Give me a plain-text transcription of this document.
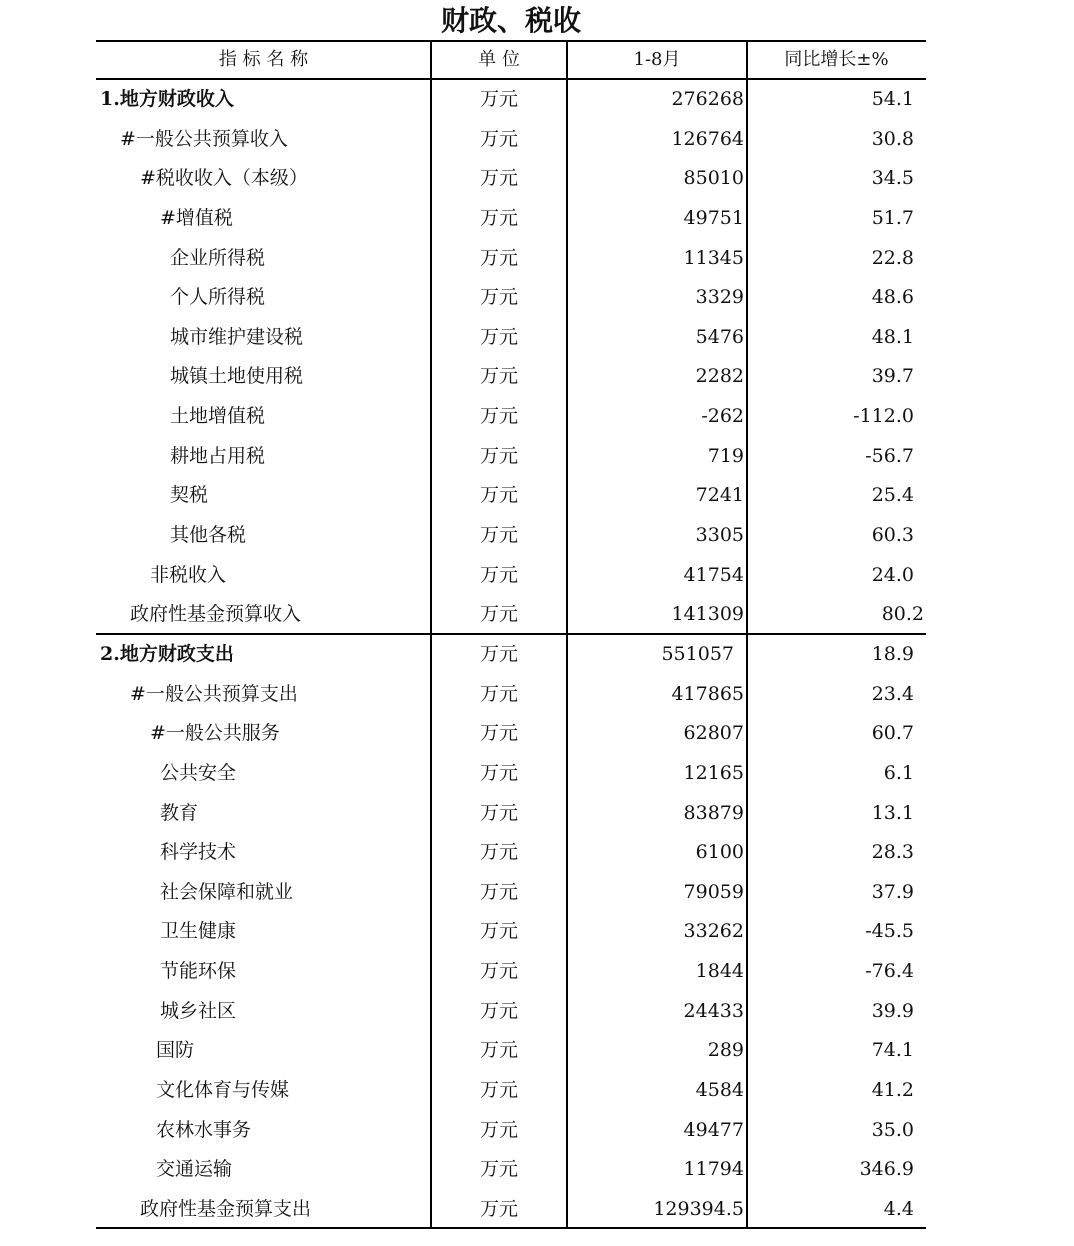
财政、税收
指 标 名 称	单 位	1-8月	同比增长±%
1.地方财政收入	万元	276268	54.1
#一般公共预算收入	万元	126764	30.8
#税收收入（本级）	万元	85010	34.5
#增值税	万元	49751	51.7
企业所得税	万元	11345	22.8
个人所得税	万元	3329	48.6
城市维护建设税	万元	5476	48.1
城镇土地使用税	万元	2282	39.7
土地增值税	万元	-262	-112.0
耕地占用税	万元	719	-56.7
契税	万元	7241	25.4
其他各税	万元	3305	60.3
非税收入	万元	41754	24.0
政府性基金预算收入	万元	141309	80.2
2.地方财政支出	万元	551057	18.9
#一般公共预算支出	万元	417865	23.4
#一般公共服务	万元	62807	60.7
公共安全	万元	12165	6.1
教育	万元	83879	13.1
科学技术	万元	6100	28.3
社会保障和就业	万元	79059	37.9
卫生健康	万元	33262	-45.5
节能环保	万元	1844	-76.4
城乡社区	万元	24433	39.9
国防	万元	289	74.1
文化体育与传媒	万元	4584	41.2
农林水事务	万元	49477	35.0
交通运输	万元	11794	346.9
政府性基金预算支出	万元	129394.5	4.4
